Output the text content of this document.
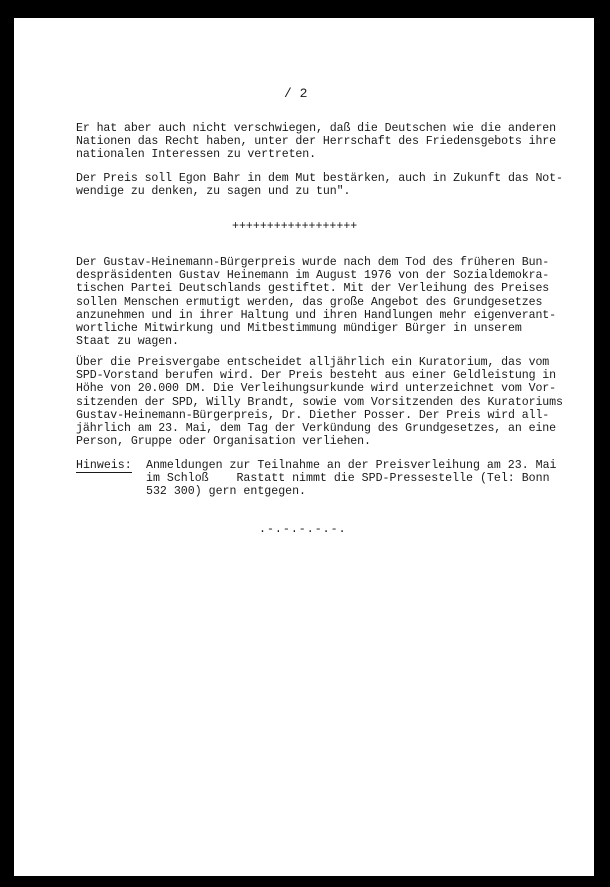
/ 2
Er hat aber auch nicht verschwiegen, daß die Deutschen wie die anderen
Nationen das Recht haben, unter der Herrschaft des Friedensgebots ihre
nationalen Interessen zu vertreten.
Der Preis soll Egon Bahr in dem Mut bestärken, auch in Zukunft das Not-
wendige zu denken, zu sagen und zu tun".
++++++++++++++++++
Der Gustav-Heinemann-Bürgerpreis wurde nach dem Tod des früheren Bun-
despräsidenten Gustav Heinemann im August 1976 von der Sozialdemokra-
tischen Partei Deutschlands gestiftet. Mit der Verleihung des Preises
sollen Menschen ermutigt werden, das große Angebot des Grundgesetzes
anzunehmen und in ihrer Haltung und ihren Handlungen mehr eigenverant-
wortliche Mitwirkung und Mitbestimmung mündiger Bürger in unserem
Staat zu wagen.
Über die Preisvergabe entscheidet alljährlich ein Kuratorium, das vom
SPD-Vorstand berufen wird. Der Preis besteht aus einer Geldleistung in
Höhe von 20.000 DM. Die Verleihungsurkunde wird unterzeichnet vom Vor-
sitzenden der SPD, Willy Brandt, sowie vom Vorsitzenden des Kuratoriums
Gustav-Heinemann-Bürgerpreis, Dr. Diether Posser. Der Preis wird all-
jährlich am 23. Mai, dem Tag der Verkündung des Grundgesetzes, an eine
Person, Gruppe oder Organisation verliehen.
Hinweis: Anmeldungen zur Teilnahme an der Preisverleihung am 23. Mai
im Schloß    Rastatt nimmt die SPD-Pressestelle (Tel: Bonn
532 300) gern entgegen.
.-.-.-.-.-.
